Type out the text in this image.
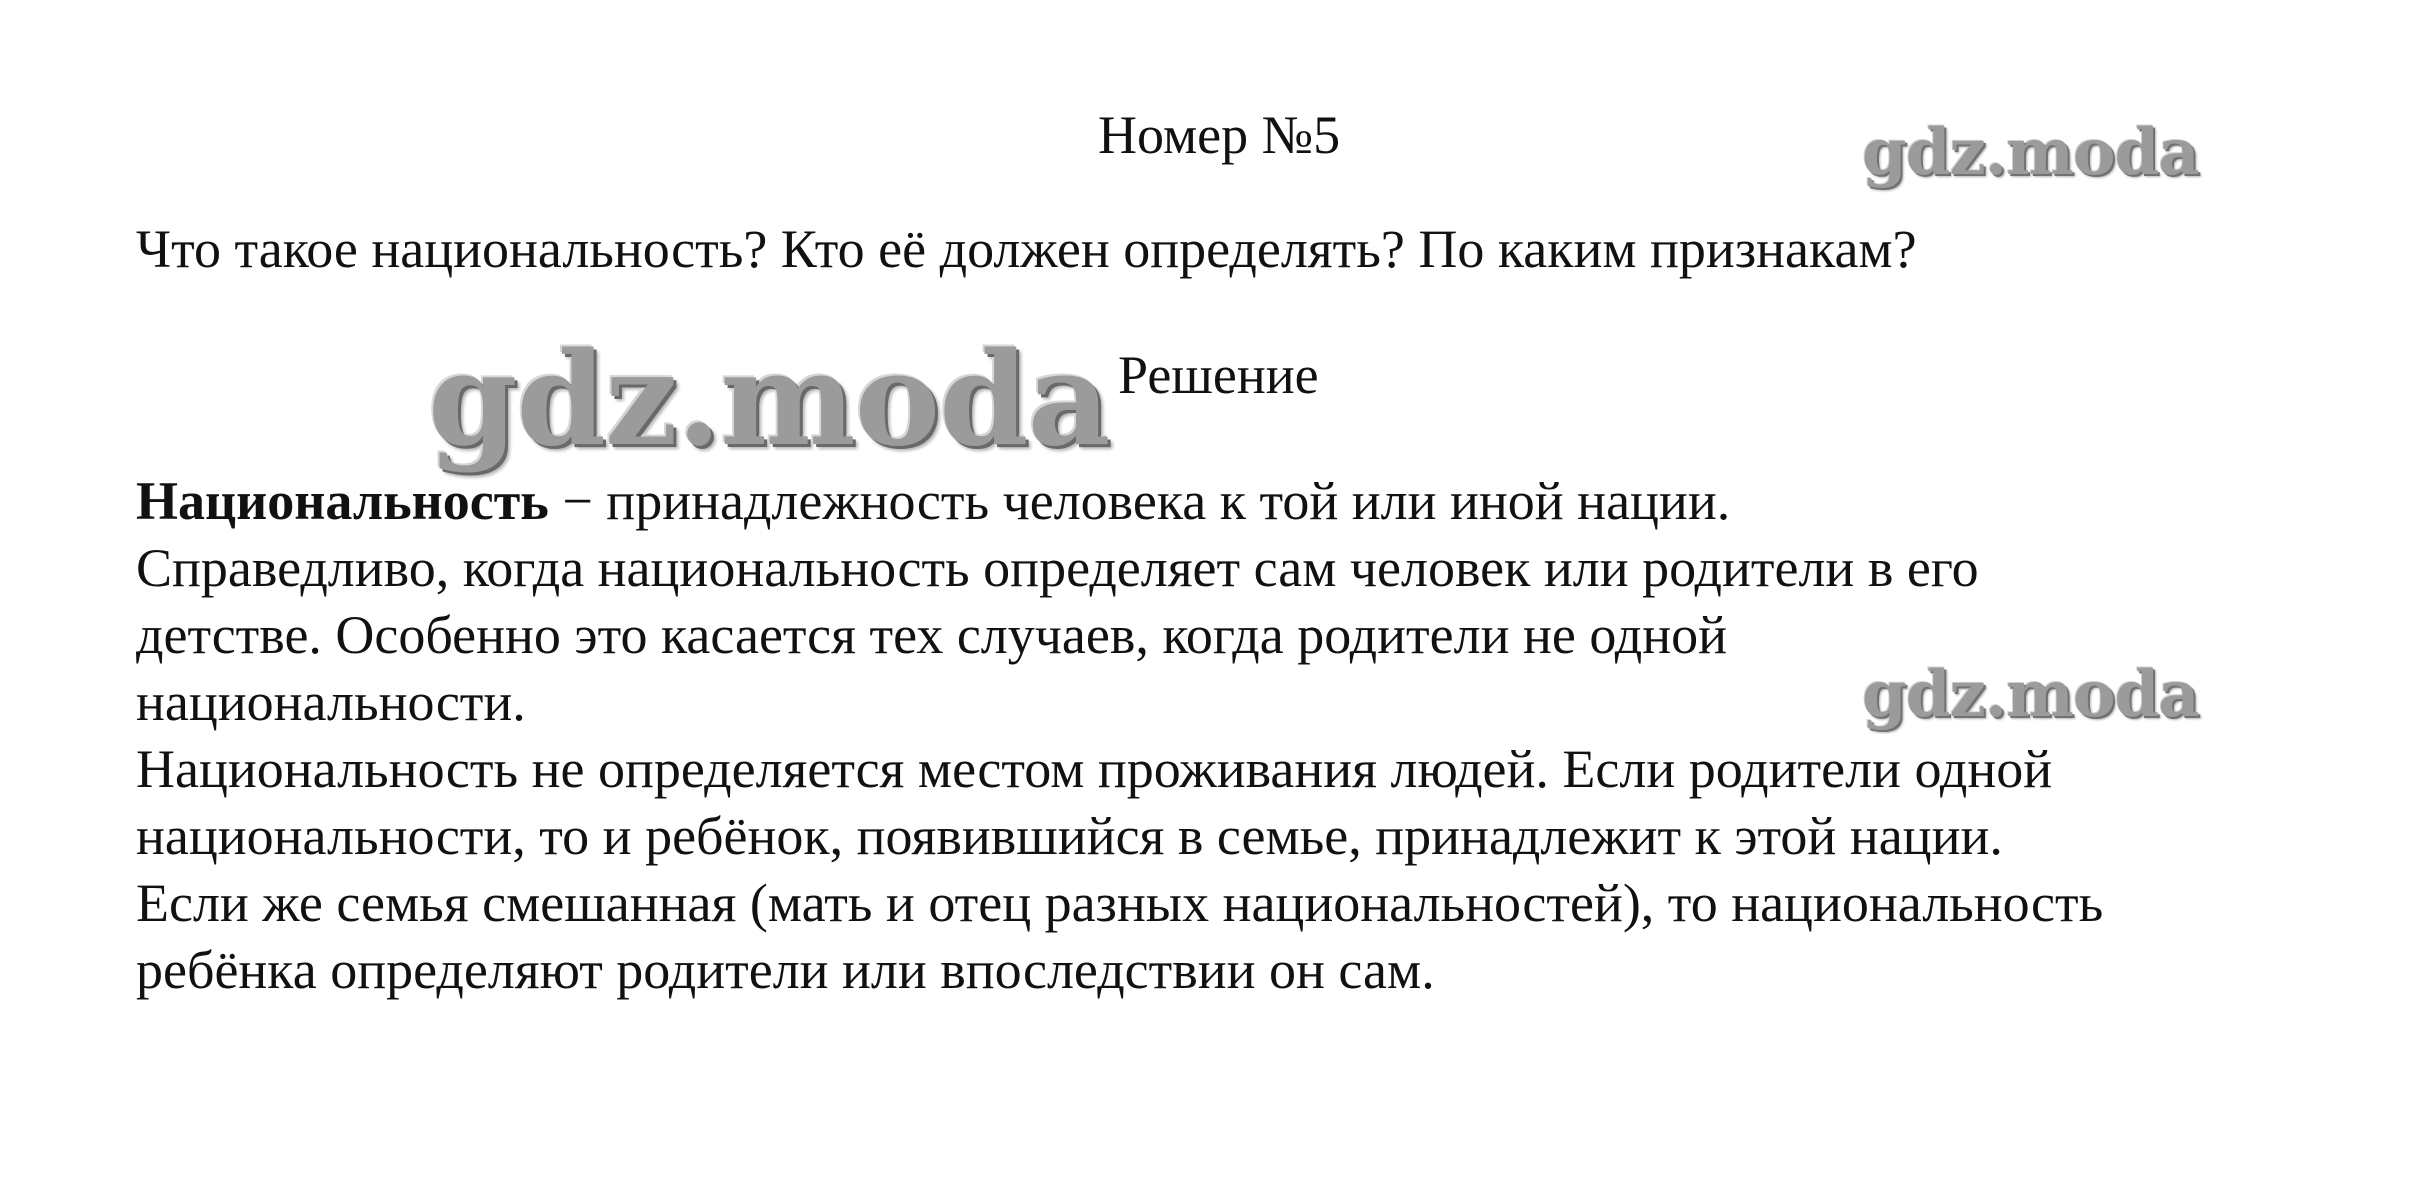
Номер №5	gdz.moda
Что такое национальность? Кто её должен определять? По каким признакам?
gdz.moda Решение
Национальность − принадлежность человека к той или иной нации.
Справедливо, когда национальность определяет сам человек или родители в его
детстве. Особенно это касается тех случаев, когда родители не одной
национальности.
Национальность не определяется местом проживания людей. Если родители одной
национальности, то и ребёнок, появившийся в семье, принадлежит к этой нации.
Если же семья смешанная (мать и отец разных национальностей), то национальность
ребёнка определяют родители или впоследствии он сам.
gdz.moda
